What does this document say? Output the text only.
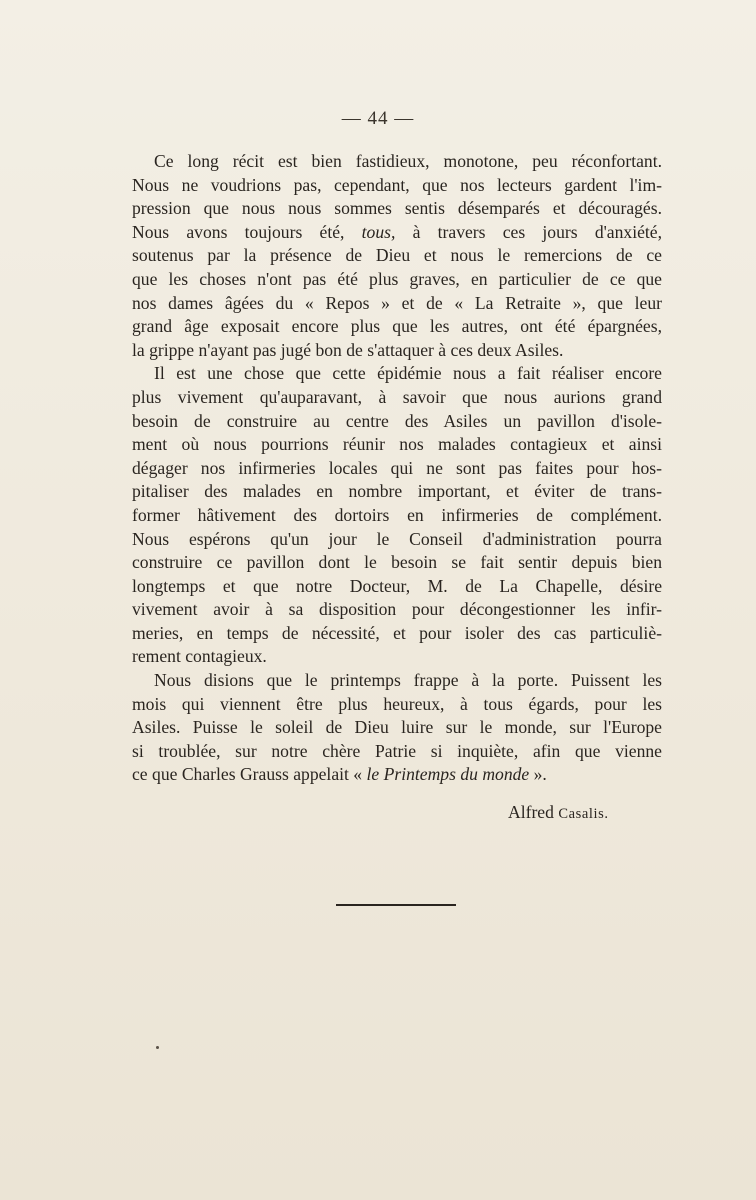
— 44 —
Ce long récit est bien fastidieux, monotone, peu réconfortant.
Nous ne voudrions pas, cependant, que nos lecteurs gardent l'im-
pression que nous nous sommes sentis désemparés et découragés.
Nous avons toujours été, tous, à travers ces jours d'anxiété,
soutenus par la présence de Dieu et nous le remercions de ce
que les choses n'ont pas été plus graves, en particulier de ce que
nos dames âgées du « Repos » et de « La Retraite », que leur
grand âge exposait encore plus que les autres, ont été épargnées,
la grippe n'ayant pas jugé bon de s'attaquer à ces deux Asiles.
Il est une chose que cette épidémie nous a fait réaliser encore
plus vivement qu'auparavant, à savoir que nous aurions grand
besoin de construire au centre des Asiles un pavillon d'isole-
ment où nous pourrions réunir nos malades contagieux et ainsi
dégager nos infirmeries locales qui ne sont pas faites pour hos-
pitaliser des malades en nombre important, et éviter de trans-
former hâtivement des dortoirs en infirmeries de complément.
Nous espérons qu'un jour le Conseil d'administration pourra
construire ce pavillon dont le besoin se fait sentir depuis bien
longtemps et que notre Docteur, M. de La Chapelle, désire
vivement avoir à sa disposition pour décongestionner les infir-
meries, en temps de nécessité, et pour isoler des cas particuliè-
rement contagieux.
Nous disions que le printemps frappe à la porte. Puissent les
mois qui viennent être plus heureux, à tous égards, pour les
Asiles. Puisse le soleil de Dieu luire sur le monde, sur l'Europe
si troublée, sur notre chère Patrie si inquiète, afin que vienne
ce que Charles Grauss appelait « le Printemps du monde ».
Alfred Casalis.
